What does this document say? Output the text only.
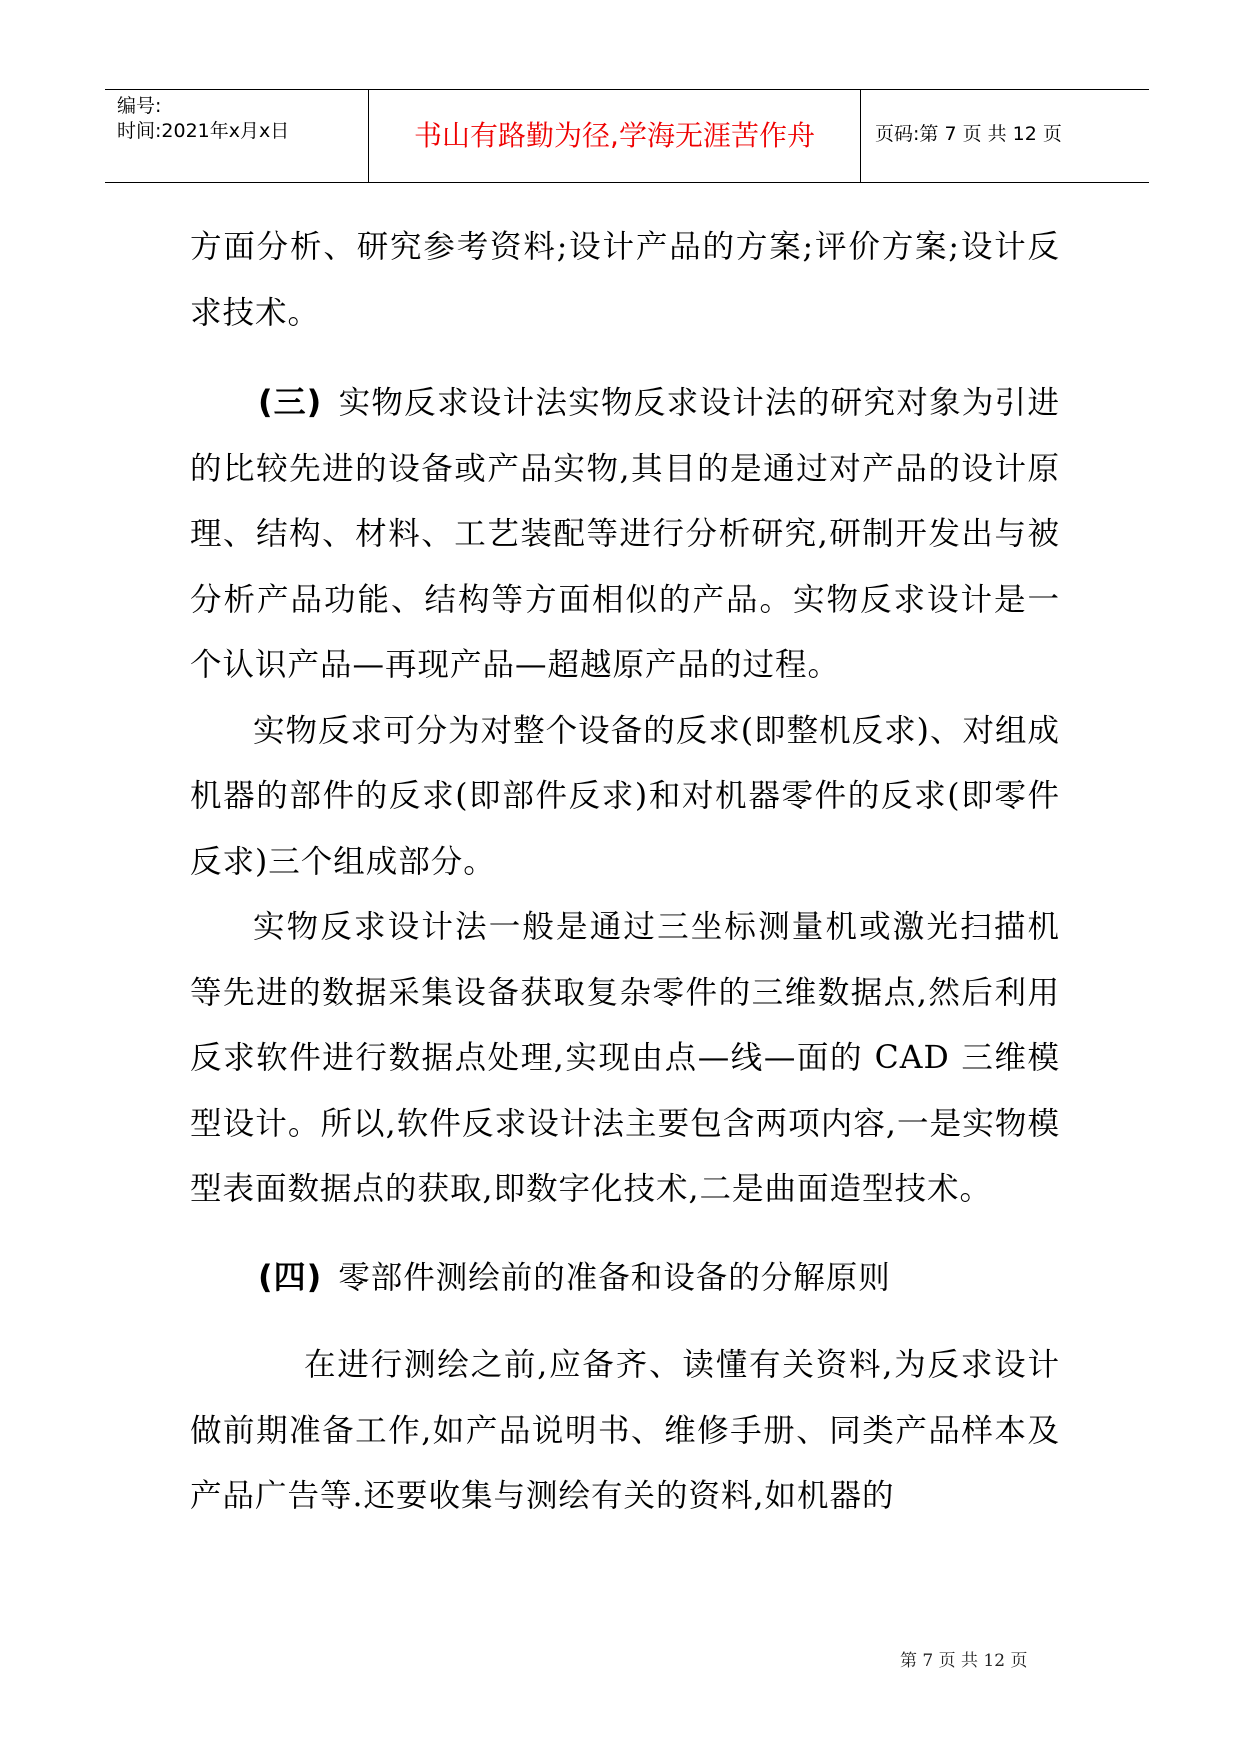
编号:
时间:2021年x月x日	书山有路勤为径,学海无涯苦作舟	页码:第 7 页 共 12 页

方面分析、研究参考资料;设计产品的方案;评价方案;设计反求技术。

(三) 实物反求设计法实物反求设计法的研究对象为引进的比较先进的设备或产品实物,其目的是通过对产品的设计原理、结构、材料、工艺装配等进行分析研究,研制开发出与被分析产品功能、结构等方面相似的产品。实物反求设计是一个认识产品—再现产品—超越原产品的过程。

实物反求可分为对整个设备的反求(即整机反求)、对组成机器的部件的反求(即部件反求)和对机器零件的反求(即零件反求)三个组成部分。

实物反求设计法一般是通过三坐标测量机或激光扫描机等先进的数据采集设备获取复杂零件的三维数据点,然后利用反求软件进行数据点处理,实现由点—线—面的 CAD 三维模型设计。所以,软件反求设计法主要包含两项内容,一是实物模型表面数据点的获取,即数字化技术,二是曲面造型技术。

(四) 零部件测绘前的准备和设备的分解原则

在进行测绘之前,应备齐、读懂有关资料,为反求设计做前期准备工作,如产品说明书、维修手册、同类产品样本及产品广告等.还要收集与测绘有关的资料,如机器的

第 7 页 共 12 页
